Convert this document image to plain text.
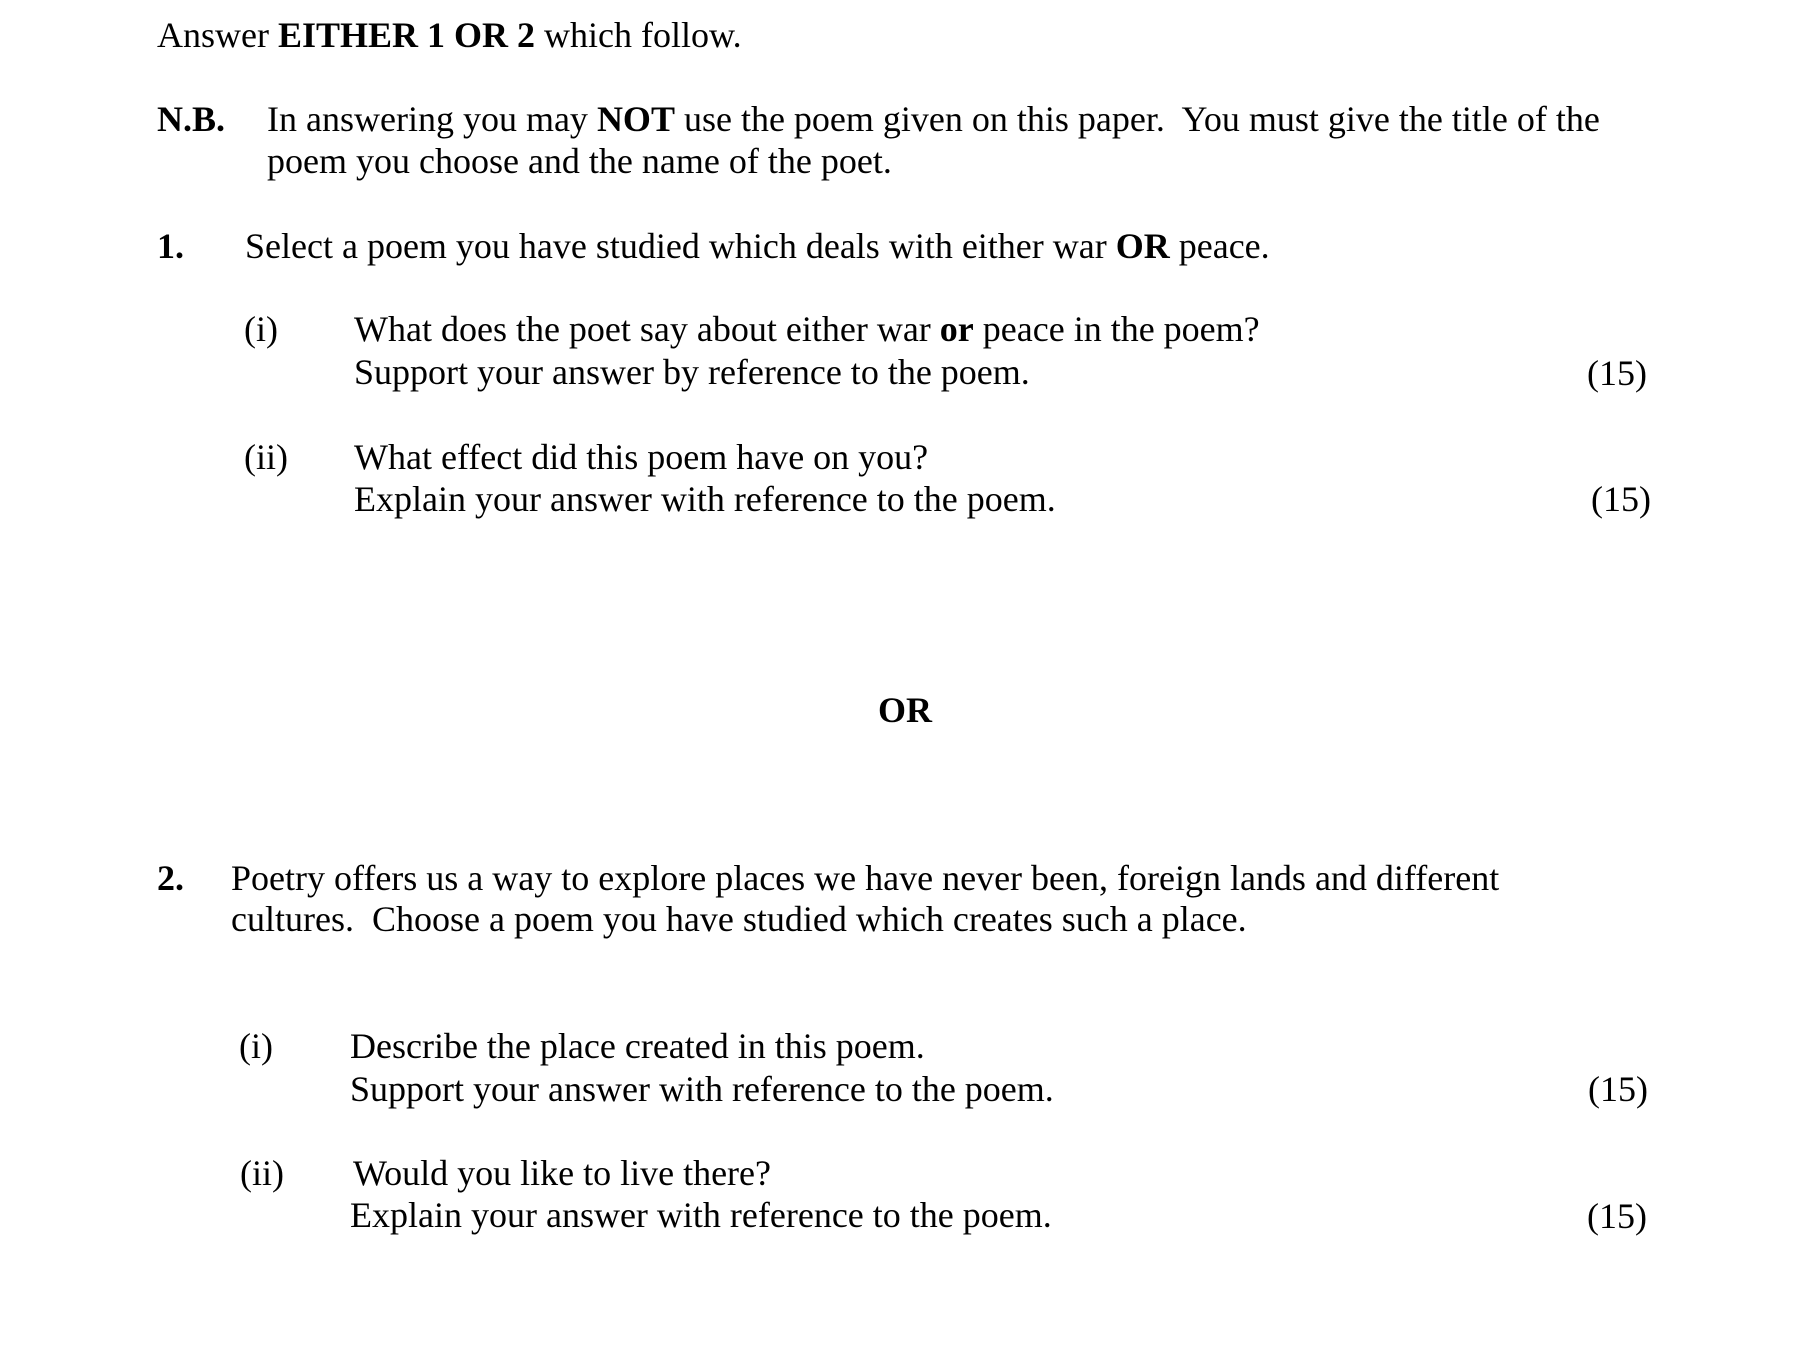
Answer EITHER 1 OR 2 which follow.
N.B. In answering you may NOT use the poem given on this paper.  You must give the title of the
poem you choose and the name of the poet.
1. Select a poem you have studied which deals with either war OR peace.
(i) What does the poet say about either war or peace in the poem?
Support your answer by reference to the poem.	(15)
(ii) What effect did this poem have on you?
Explain your answer with reference to the poem.	(15)
OR
2. Poetry offers us a way to explore places we have never been, foreign lands and different
cultures.  Choose a poem you have studied which creates such a place.
(i) Describe the place created in this poem.
Support your answer with reference to the poem.	(15)
(ii) Would you like to live there?
Explain your answer with reference to the poem.	(15)
